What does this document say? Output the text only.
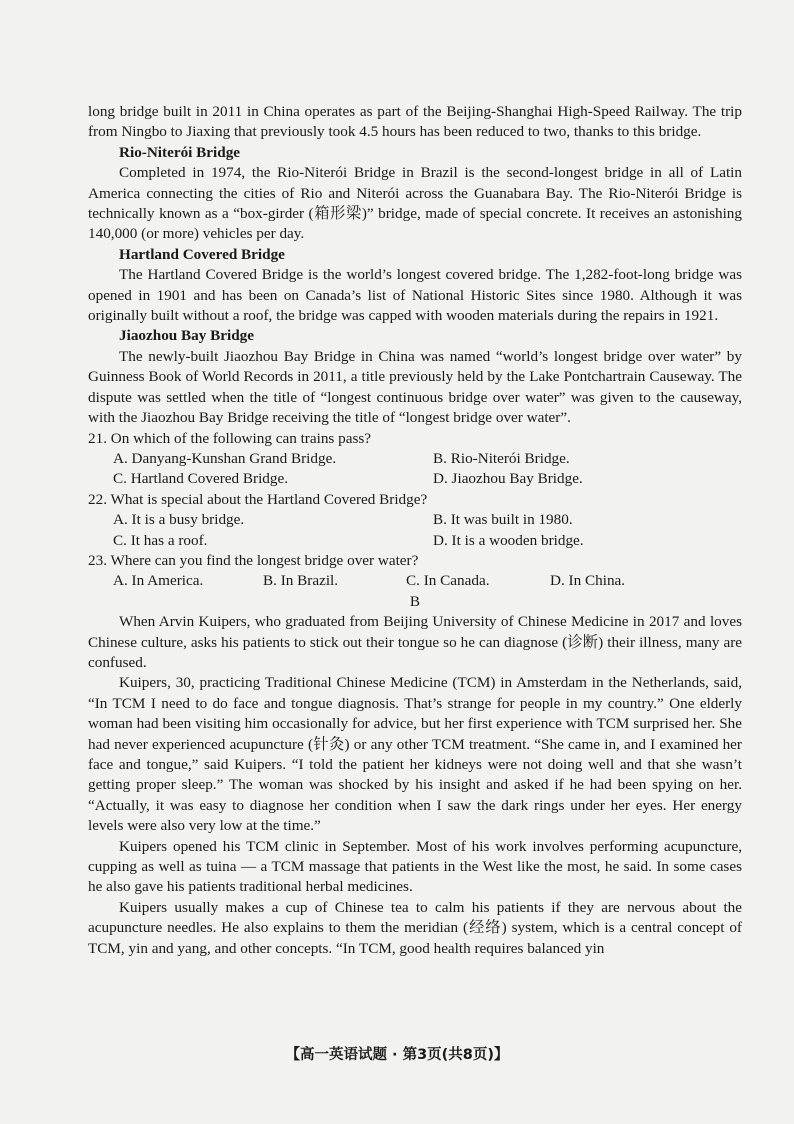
long bridge built in 2011 in China operates as part of the Beijing-Shanghai High-Speed Railway. The trip from Ningbo to Jiaxing that previously took 4.5 hours has been reduced to two, thanks to this bridge.

Rio-Niterói Bridge

Completed in 1974, the Rio-Niterói Bridge in Brazil is the second-longest bridge in all of Latin America connecting the cities of Rio and Niterói across the Guanabara Bay. The Rio-Niterói Bridge is technically known as a “box-girder (箱形梁)” bridge, made of special concrete. It receives an astonishing 140,000 (or more) vehicles per day.

Hartland Covered Bridge

The Hartland Covered Bridge is the world’s longest covered bridge. The 1,282-foot-long bridge was opened in 1901 and has been on Canada’s list of National Historic Sites since 1980. Although it was originally built without a roof, the bridge was capped with wooden materials during the repairs in 1921.

Jiaozhou Bay Bridge

The newly-built Jiaozhou Bay Bridge in China was named “world’s longest bridge over water” by Guinness Book of World Records in 2011, a title previously held by the Lake Pontchartrain Causeway. The dispute was settled when the title of “longest continuous bridge over water” was given to the causeway, with the Jiaozhou Bay Bridge receiving the title of “longest bridge over water”.

21. On which of the following can trains pass?

A. Danyang-Kunshan Grand Bridge.	B. Rio-Niterói Bridge.
C. Hartland Covered Bridge.	D. Jiaozhou Bay Bridge.

22. What is special about the Hartland Covered Bridge?

A. It is a busy bridge.	B. It was built in 1980.
C. It has a roof.	D. It is a wooden bridge.

23. Where can you find the longest bridge over water?

A. In America.	B. In Brazil.	C. In Canada.	D. In China.

B

When Arvin Kuipers, who graduated from Beijing University of Chinese Medicine in 2017 and loves Chinese culture, asks his patients to stick out their tongue so he can diagnose (诊断) their illness, many are confused.

Kuipers, 30, practicing Traditional Chinese Medicine (TCM) in Amsterdam in the Netherlands, said, “In TCM I need to do face and tongue diagnosis. That’s strange for people in my country.” One elderly woman had been visiting him occasionally for advice, but her first experience with TCM surprised her. She had never experienced acupuncture (针灸) or any other TCM treatment. “She came in, and I examined her face and tongue,” said Kuipers. “I told the patient her kidneys were not doing well and that she wasn’t getting proper sleep.” The woman was shocked by his insight and asked if he had been spying on her. “Actually, it was easy to diagnose her condition when I saw the dark rings under her eyes. Her energy levels were also very low at the time.”

Kuipers opened his TCM clinic in September. Most of his work involves performing acupuncture, cupping as well as tuina — a TCM massage that patients in the West like the most, he said. In some cases he also gave his patients traditional herbal medicines.

Kuipers usually makes a cup of Chinese tea to calm his patients if they are nervous about the acupuncture needles. He also explains to them the meridian (经络) system, which is a central concept of TCM, yin and yang, and other concepts. “In TCM, good health requires balanced yin

【高一英语试题 · 第3页(共8页)】
